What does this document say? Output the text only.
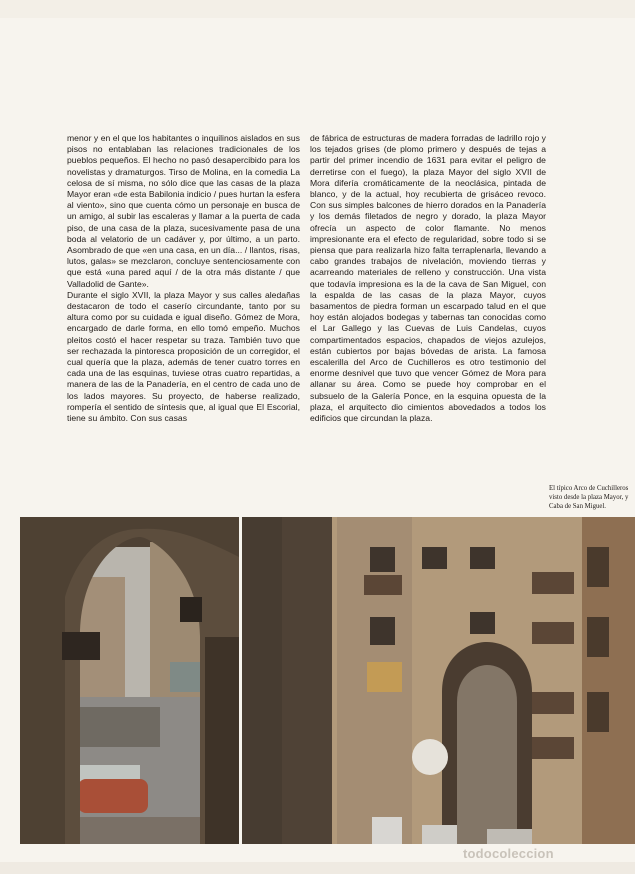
menor y en el que los habitantes o inquilinos aislados en sus pisos no entablaban las relaciones tradicionales de los pueblos pequeños. El hecho no pasó desapercibido para los novelistas y dramaturgos. Tirso de Molina, en la comedia La celosa de sí misma, no sólo dice que las casas de la plaza Mayor eran «de esta Babilonia indicio / pues hurtan la esfera al viento», sino que cuenta cómo un personaje en busca de un amigo, al subir las escaleras y llamar a la puerta de cada piso, de una casa de la plaza, sucesivamente pasa de una boda al velatorio de un cadáver y, por último, a un parto. Asombrado de que «en una casa, en un día... / llantos, risas, lutos, galas» se mezclaron, concluye sentenciosamente con que está «una pared aquí / de la otra más distante / que Valladolid de Gante».
Durante el siglo XVII, la plaza Mayor y sus calles aledañas destacaron de todo el caserío circundante, tanto por su altura como por su cuidada e igual diseño. Gómez de Mora, encargado de darle forma, en ello tomó empeño. Muchos pleitos costó el hacer respetar su traza. También tuvo que ser rechazada la pintoresca proposición de un corregidor, el cual quería que la plaza, además de tener cuatro torres en cada una de las esquinas, tuviese otras cuatro repartidas, a manera de las de la Panadería, en el centro de cada uno de los lados mayores. Su proyecto, de haberse realizado, rompería el sentido de síntesis que, al igual que El Escorial, tiene su ámbito. Con sus casas
de fábrica de estructuras de madera forradas de ladrillo rojo y los tejados grises (de plomo primero y después de tejas a partir del primer incendio de 1631 para evitar el peligro de derretirse con el fuego), la plaza Mayor del siglo XVII de Mora difería cromáticamente de la neoclásica, pintada de blanco, y de la actual, hoy recubierta de grisáceo revoco. Con sus simples balcones de hierro dorados en la Panadería y los demás filetados de negro y dorado, la plaza Mayor ofrecía un aspecto de color flamante. No menos impresionante era el efecto de regularidad, sobre todo si se piensa que para realizarla hizo falta terraplenarla, llevando a cabo grandes trabajos de nivelación, moviendo tierras y acarreando materiales de relleno y construcción. Una vista que todavía impresiona es la de la cava de San Miguel, con la espalda de las casas de la plaza Mayor, cuyos basamentos de piedra forman un escarpado talud en el que hoy están alojados bodegas y tabernas tan conocidas como el Lar Gallego y las Cuevas de Luis Candelas, cuyos compartimentados espacios, chapados de viejos azulejos, están cubiertos por bajas bóvedas de arista. La famosa escalerilla del Arco de Cuchilleros es otro testimonio del enorme desnivel que tuvo que vencer Gómez de Mora para allanar su área. Como se puede hoy comprobar en el subsuelo de la Galería Ponce, en la esquina opuesta de la plaza, el arquitecto dio cimientos abovedados a todos los edificios que circundan la plaza.
El típico Arco de Cuchilleros visto desde la plaza Mayor, y Caba de San Miguel.
todocoleccion
